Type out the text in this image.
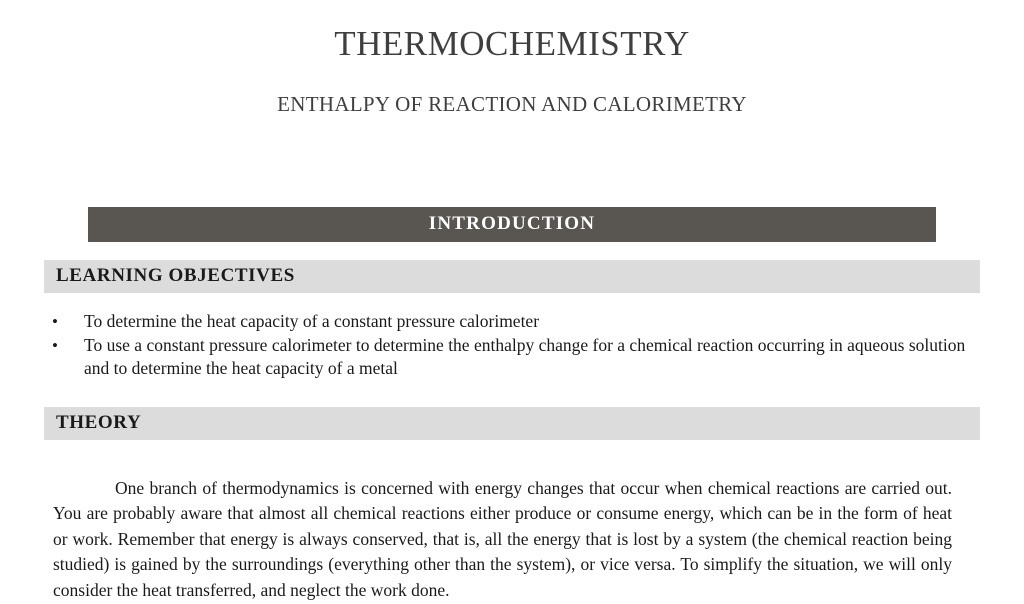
THERMOCHEMISTRY
ENTHALPY OF REACTION AND CALORIMETRY
INTRODUCTION
LEARNING OBJECTIVES
• To determine the heat capacity of a constant pressure calorimeter
• To use a constant pressure calorimeter to determine the enthalpy change for a chemical reaction occurring in aqueous solution and to determine the heat capacity of a metal
THEORY

One branch of thermodynamics is concerned with energy changes that occur when chemical reactions are carried out. You are probably aware that almost all chemical reactions either produce or consume energy, which can be in the form of heat or work. Remember that energy is always conserved, that is, all the energy that is lost by a system (the chemical reaction being studied) is gained by the surroundings (everything other than the system), or vice versa. To simplify the situation, we will only consider the heat transferred, and neglect the work done.
